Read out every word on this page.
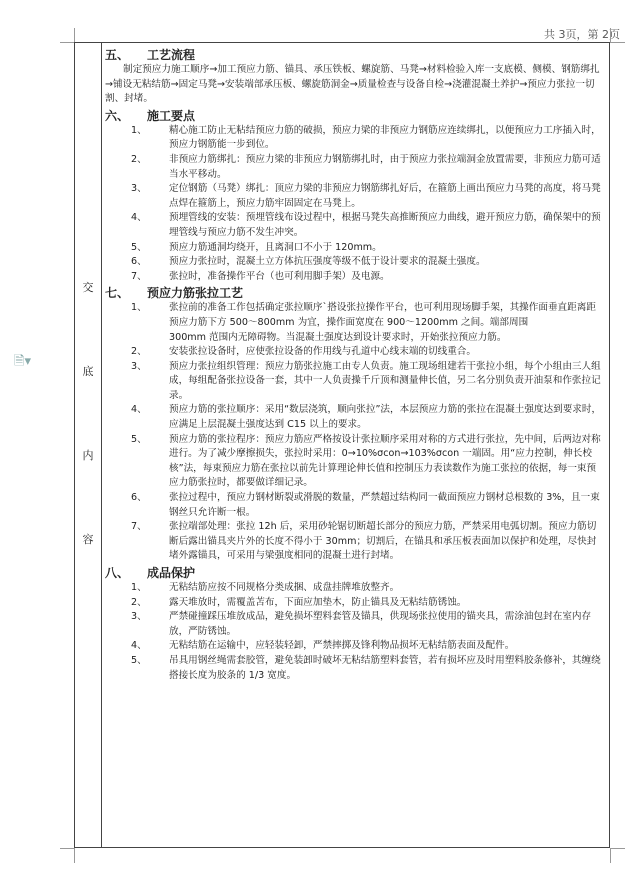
共 3页，第 2页
🗎▾
交
底
内
容
五、 工艺流程
制定预应力施工顺序→加工预应力筋、锚具、承压铁板、螺旋筋、马凳→材料检验入库一支底模、侧模、钢筋绑扎→铺设无粘结筋→固定马凳→安装端部承压板、螺旋筋洞金→质量检查与设备自检→浇灌混凝土养护→预应力张拉一切割、封堵。
六、 施工要点
1、 精心施工防止无粘结预应力筋的破损，预应力梁的非预应力钢筋应连续绑扎，以便预应力工序插入时，预应力钢筋能一步到位。
2、 非预应力筋绑扎：预应力梁的非预应力钢筋绑扎时，由于预应力张拉端洞金放置需要，非预应力筋可适当水平移动。
3、 定位钢筋（马凳）绑扎：顶应力梁的非预应力钢筋绑扎好后，在箍筋上画出预应力马凳的高度，将马凳点焊在箍筋上，预应力筋牢固固定在马凳上。
4、 预埋管线的安装：预埋管线布设过程中，根据马凳失高推断预应力曲线，避开预应力筋，确保架中的预埋管线与预应力筋不发生冲突。
5、 预应力筋通洞均绕开，且离洞口不小于 120mm。
6、 预应力张拉时，混凝土立方体抗压强度等级不低于设计要求的混凝土强度。
7、 张拉时，准备操作平台（也可利用脚手架）及电源。
七、 预应力筋张拉工艺
1、 张拉前的准备工作包括确定张拉顺序`搭设张拉操作平台，也可利用现场脚手架，其操作面垂直距离距预应力筋下方 500～800mm 为宜，操作面宽度在 900～1200mm 之间。端部周围
300mm 范围内无障碍物。当混凝土强度达到设计要求时，开始张拉预应力筋。
2、 安装张拉设备时，应使张拉设备的作用线与孔道中心线末端的切线重合。
3、 预应力张拉组织管理：预应力筋张拉施工由专人负责。施工现场组建若干张拉小组，每个小组由三人组成，每组配备张拉设备一套，其中一人负责操千斤顶和测量伸长值，另二名分别负责开油泵和作张拉记录。
4、 预应力筋的张拉顺序：采用“数层浇筑，顺向张拉”法，本层预应力筋的张拉在混凝土强度达到要求时，应满足上层混凝土强度达到 C15 以上的要求。
5、 预应力筋的张拉程序：预应力筋应严格按设计张拉顺序采用对称的方式进行张拉，先中间，后两边对称进行。为了减少摩擦损失，张拉时采用：0→10%σcon→103%σcon 一端固。用“应力控制，伸长校核”法，每束预应力筋在张拉以前先计算理论伸长值和控制压力表读数作为施工张拉的依据，每一束预应力筋张拉时，都要做详细记录。
6、 张拉过程中，预应力钢材断裂或滑脱的数量，严禁超过结构同一截面预应力钢材总根数的 3%，且一束钢丝只允许断一根。
7、 张拉端部处理：张拉 12h 后，采用砂轮锯切断超长部分的预应力筋，严禁采用电弧切割。预应力筋切断后露出锚具夹片外的长度不得小于 30mm；切割后，在锚具和承压板表面加以保护和处理，尽快封堵外露锚具，可采用与梁强度相同的混凝土进行封堵。
八、 成品保护
1、 无粘结筋应按不同规格分类成捆、成盘挂牌堆放整齐。
2、 露天堆放时，需覆盖苫布，下面应加垫木，防止锚具及无粘结筋锈蚀。
3、 严禁碰撞踩压堆放成品，避免损坏塑料套管及锚具，供现场张拉使用的锚夹具，需涂油包封在室内存放，严防锈蚀。
4、 无粘结筋在运输中，应轻装轻卸，严禁摔掷及锋利物品损坏无粘结筋表面及配件。
5、 吊具用钢丝绳需套胶管，避免装卸时破坏无粘结筋塑料套管，若有损坏应及时用塑料胶条修补，其缠绕搭接长度为胶条的 1/3 宽度。
